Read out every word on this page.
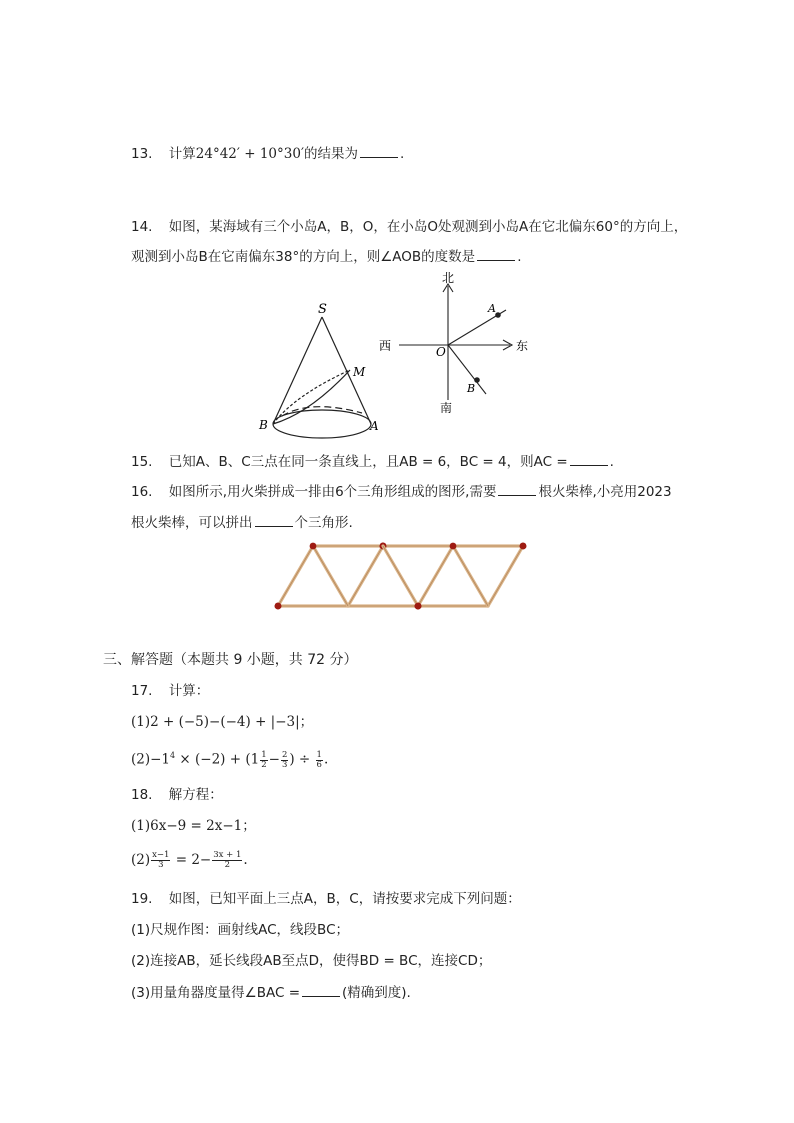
13. 计算24°42′ + 10°30′的结果为	.
14. 如图，某海域有三个小岛A，B，O，在小岛O处观测到小岛A在它北偏东60°的方向上，
观测到小岛B在它南偏东38°的方向上，则∠AOB的度数是	.
S
M
B	A
北
南
西	东
O
A
B
15. 已知A、B、C三点在同一条直线上，且AB = 6，BC = 4，则AC =	.
16. 如图所示,用火柴拼成一排由6个三角形组成的图形,需要	根火柴棒,小亮用2023
根火柴棒，可以拼出	个三角形.
三、解答题（本题共 9 小题，共 72 分）
17. 计算：
(1)2 + (−5)−(−4) + |−3|；
$(2)-1^4 \times (-2) + (1 \frac{1}{2} - \frac{2}{3}$ ) ÷ $\frac{1}{6}$ .
18. 解方程：
(1)6x−9 = 2x−1；
$(2) \frac{x-1}{3} = 2- \frac{3x + 1}{2}$ .
19. 如图，已知平面上三点A，B，C，请按要求完成下列问题：
(1)尺规作图：画射线AC，线段BC；
(2)连接AB，延长线段AB至点D，使得BD = BC，连接CD；
(3)用量角器度量得∠BAC =	(精确到度).
